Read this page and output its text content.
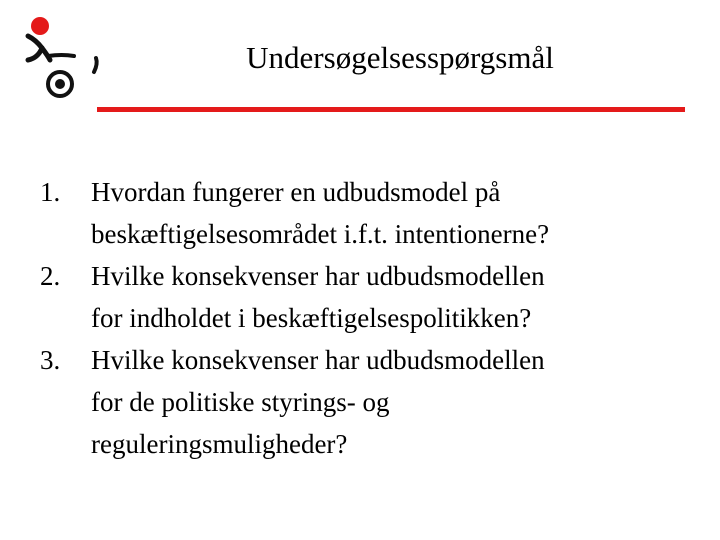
Undersøgelsesspørgsmål
1. Hvordan fungerer en udbudsmodel på
beskæftigelsesområdet i.f.t. intentionerne?
2. Hvilke konsekvenser har udbudsmodellen
for indholdet i beskæftigelsespolitikken?
3. Hvilke konsekvenser har udbudsmodellen
for de politiske styrings- og
reguleringsmuligheder?
